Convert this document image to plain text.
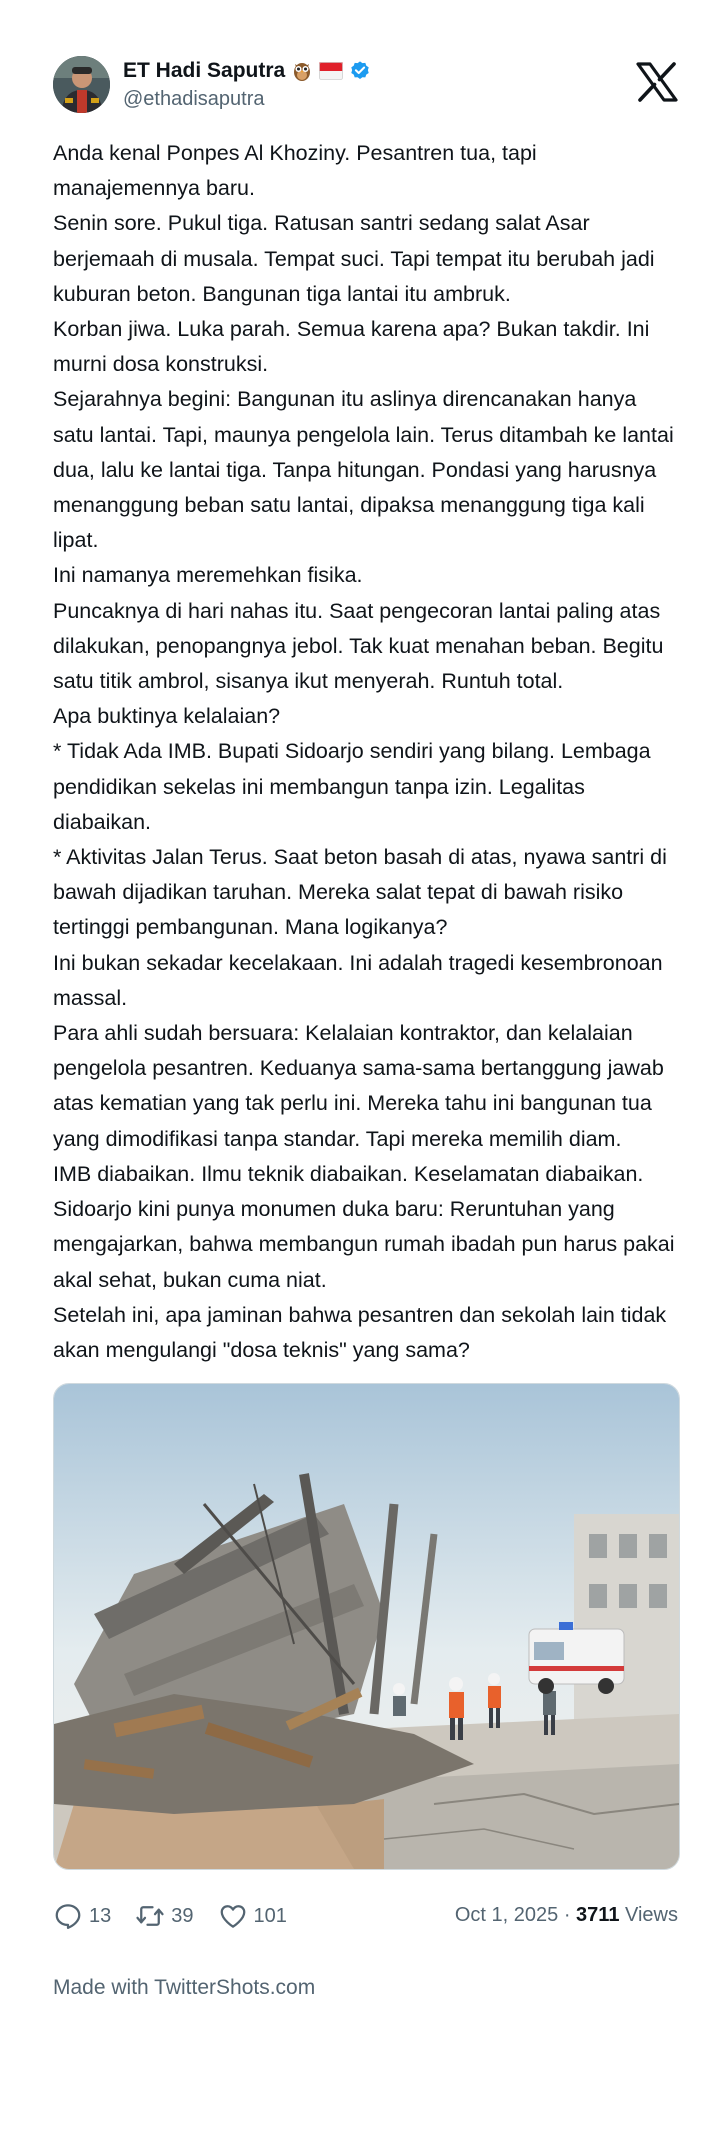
ET Hadi Saputra
@ethadisaputra

Anda kenal Ponpes Al Khoziny. Pesantren tua, tapi manajemennya baru.

Senin sore. Pukul tiga. Ratusan santri sedang salat Asar berjemaah di musala. Tempat suci. Tapi tempat itu berubah jadi kuburan beton. Bangunan tiga lantai itu ambruk.

Korban jiwa. Luka parah. Semua karena apa? Bukan takdir. Ini murni dosa konstruksi.

Sejarahnya begini: Bangunan itu aslinya direncanakan hanya satu lantai. Tapi, maunya pengelola lain. Terus ditambah ke lantai dua, lalu ke lantai tiga. Tanpa hitungan. Pondasi yang harusnya menanggung beban satu lantai, dipaksa menanggung tiga kali lipat.

Ini namanya meremehkan fisika.

Puncaknya di hari nahas itu. Saat pengecoran lantai paling atas dilakukan, penopangnya jebol. Tak kuat menahan beban. Begitu satu titik ambrol, sisanya ikut menyerah. Runtuh total.

Apa buktinya kelalaian?

* Tidak Ada IMB. Bupati Sidoarjo sendiri yang bilang. Lembaga pendidikan sekelas ini membangun tanpa izin. Legalitas diabaikan.

* Aktivitas Jalan Terus. Saat beton basah di atas, nyawa santri di bawah dijadikan taruhan. Mereka salat tepat di bawah risiko tertinggi pembangunan. Mana logikanya?

Ini bukan sekadar kecelakaan. Ini adalah tragedi kesembronoan massal.

Para ahli sudah bersuara: Kelalaian kontraktor, dan kelalaian pengelola pesantren. Keduanya sama-sama bertanggung jawab atas kematian yang tak perlu ini. Mereka tahu ini bangunan tua yang dimodifikasi tanpa standar. Tapi mereka memilih diam.

IMB diabaikan. Ilmu teknik diabaikan. Keselamatan diabaikan.

Sidoarjo kini punya monumen duka baru: Reruntuhan yang mengajarkan, bahwa membangun rumah ibadah pun harus pakai akal sehat, bukan cuma niat.

Setelah ini, apa jaminan bahwa pesantren dan sekolah lain tidak akan mengulangi "dosa teknis" yang sama?

13	39	101	Oct 1, 2025 · 3711 Views
Made with TwitterShots.com
